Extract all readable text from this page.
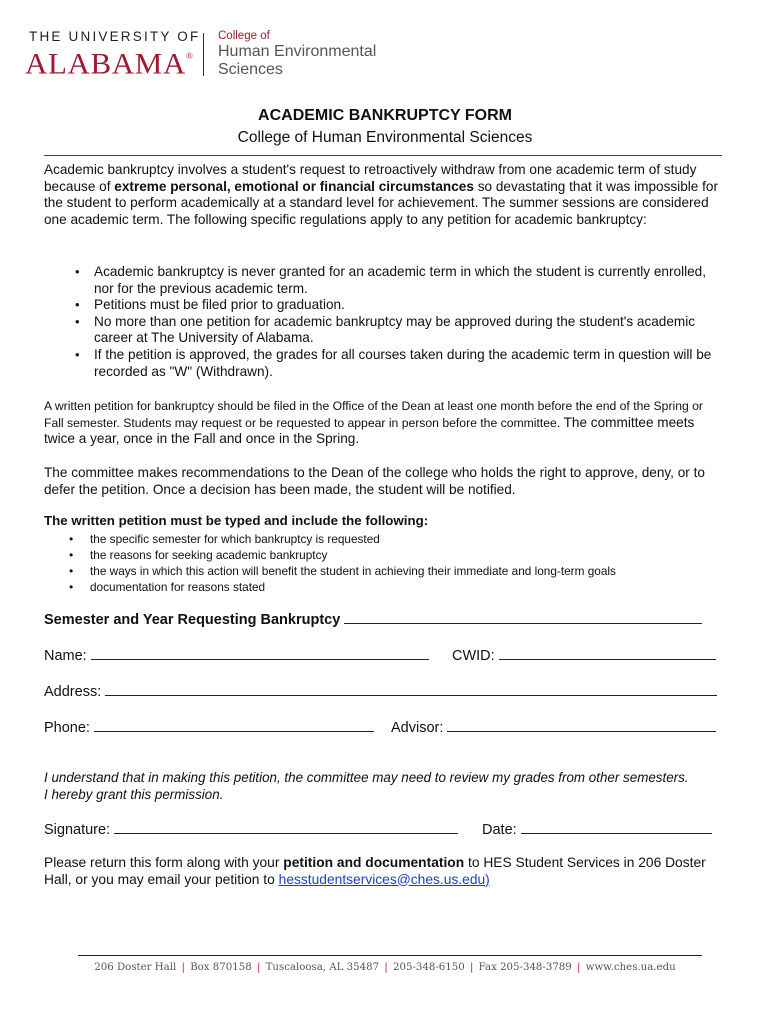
THE UNIVERSITY OF
ALABAMA®
College of
Human Environmental
Sciences
ACADEMIC BANKRUPTCY FORM
College of Human Environmental Sciences
Academic bankruptcy involves a student's request to retroactively withdraw from one academic term of study because of extreme personal, emotional or financial circumstances so devastating that it was impossible for the student to perform academically at a standard level for achievement. The summer sessions are considered one academic term. The following specific regulations apply to any petition for academic bankruptcy:
• Academic bankruptcy is never granted for an academic term in which the student is currently enrolled, nor for the previous academic term.
• Petitions must be filed prior to graduation.
• No more than one petition for academic bankruptcy may be approved during the student's academic career at The University of Alabama.
• If the petition is approved, the grades for all courses taken during the academic term in question will be recorded as "W" (Withdrawn).
A written petition for bankruptcy should be filed in the Office of the Dean at least one month before the end of the Spring or Fall semester. Students may request or be requested to appear in person before the committee. The committee meets twice a year, once in the Fall and once in the Spring.
The committee makes recommendations to the Dean of the college who holds the right to approve, deny, or to defer the petition. Once a decision has been made, the student will be notified.
The written petition must be typed and include the following:
• the specific semester for which bankruptcy is requested
• the reasons for seeking academic bankruptcy
• the ways in which this action will benefit the student in achieving their immediate and long-term goals
• documentation for reasons stated
Semester and Year Requesting Bankruptcy
Name:	CWID:
Address:
Phone:	Advisor:
I understand that in making this petition, the committee may need to review my grades from other semesters.
I hereby grant this permission.
Signature:	Date:
Please return this form along with your petition and documentation to HES Student Services in 206 Doster Hall, or you may email your petition to hesstudentservices@ches.us.edu)
206 Doster Hall | Box 870158 | Tuscaloosa, AL 35487 | 205-348-6150 | Fax 205-348-3789 | www.ches.ua.edu
